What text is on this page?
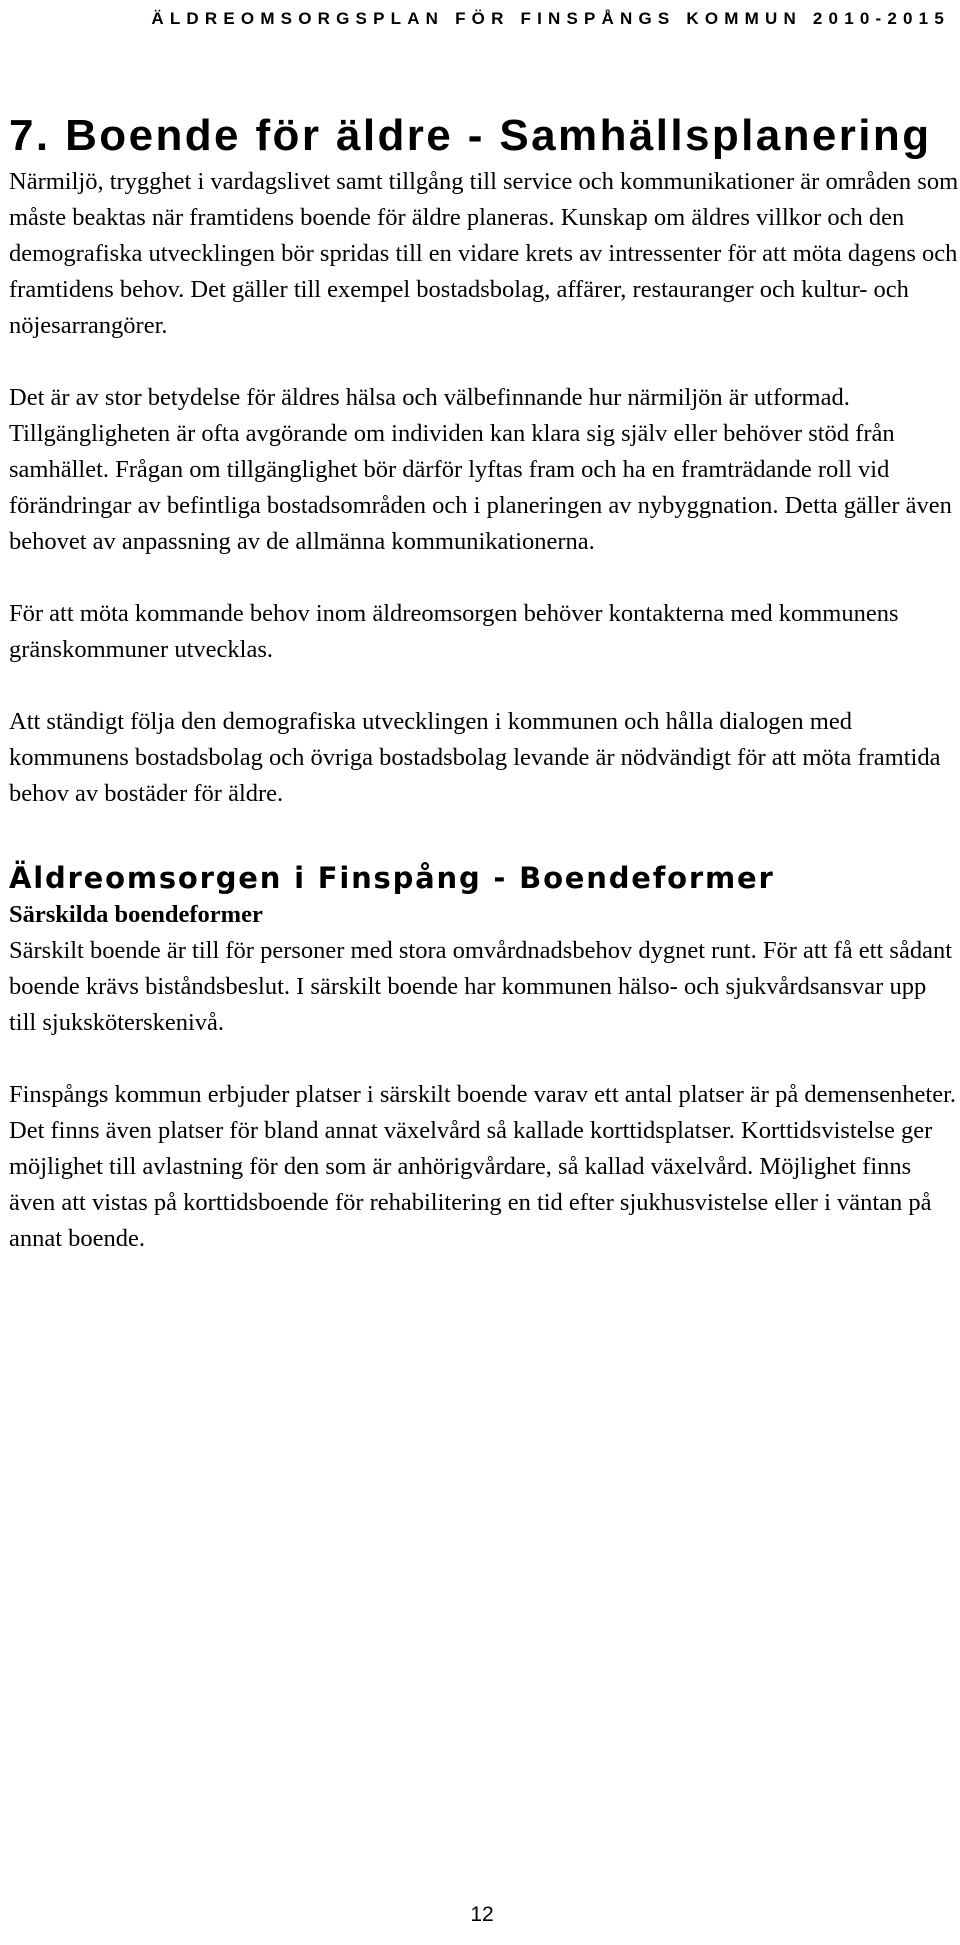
ÄLDREOMSORGSPLAN FÖR FINSPÅNGS KOMMUN 2010-2015
7. Boende för äldre - Samhällsplanering

Närmiljö, trygghet i vardagslivet samt tillgång till service och kommunikationer är områden som måste beaktas när framtidens boende för äldre planeras. Kunskap om äldres villkor och den demografiska utvecklingen bör spridas till en vidare krets av intressenter för att möta dagens och framtidens behov. Det gäller till exempel bostadsbolag, affärer, restauranger och kultur- och nöjesarrangörer.

Det är av stor betydelse för äldres hälsa och välbefinnande hur närmiljön är utformad.

Tillgängligheten är ofta avgörande om individen kan klara sig själv eller behöver stöd från samhället. Frågan om tillgänglighet bör därför lyftas fram och ha en framträdande roll vid förändringar av befintliga bostadsområden och i planeringen av nybyggnation. Detta gäller även behovet av anpassning av de allmänna kommunikationerna.

För att möta kommande behov inom äldreomsorgen behöver kontakterna med kommunens gränskommuner utvecklas.

Att ständigt följa den demografiska utvecklingen i kommunen och hålla dialogen med kommunens bostadsbolag och övriga bostadsbolag levande är nödvändigt för att möta framtida behov av bostäder för äldre.

Äldreomsorgen i Finspång - Boendeformer

Särskilda boendeformer

Särskilt boende är till för personer med stora omvårdnadsbehov dygnet runt. För att få ett sådant boende krävs biståndsbeslut. I särskilt boende har kommunen hälso- och sjukvårdsansvar upp till sjuksköterskenivå.

Finspångs kommun erbjuder platser i särskilt boende varav ett antal platser är på demensenheter. Det finns även platser för bland annat växelvård så kallade korttidsplatser. Korttidsvistelse ger möjlighet till avlastning för den som är anhörigvårdare, så kallad växelvård. Möjlighet finns även att vistas på korttidsboende för rehabilitering en tid efter sjukhusvistelse eller i väntan på annat boende.

12
